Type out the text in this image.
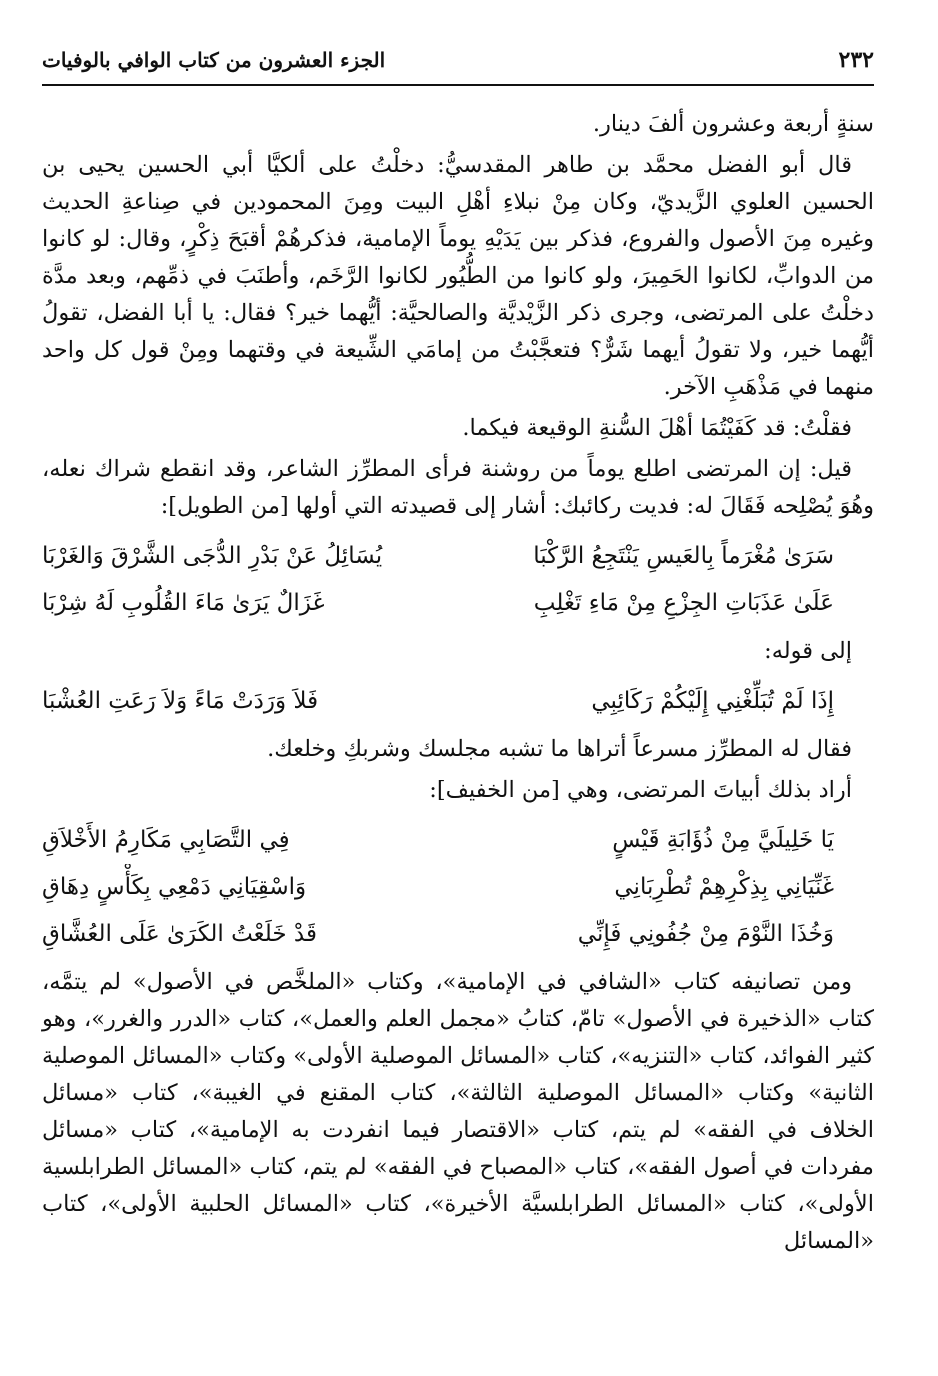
٢٣٢
الجزء العشرون من كتاب الوافي بالوفيات

سنةٍ أربعة وعشرون ألفَ دينار.

قال أبو الفضل محمَّد بن طاهر المقدسيُّ: دخلْتُ على ألكيَّا أبي الحسين يحيى بن الحسين العلوي الزَّيديّ، وكان مِنْ نبلاءِ أهْلِ البيت ومِنَ المحمودين في صِناعةِ الحديث وغيره مِنَ الأصول والفروع، فذكر بين يَدَيْهِ يوماً الإمامية، فذكرهُمْ أقبَحَ ذِكْرٍ، وقال: لو كانوا من الدوابِّ، لكانوا الحَمِيرَ، ولو كانوا من الطُّيُور لكانوا الرَّخَم، وأطنَبَ في ذمِّهم، وبعد مدَّة دخلْتُ على المرتضى، وجرى ذكر الزَّيْديَّة والصالحيَّة: أيُّهما خير؟ فقال: يا أبا الفضل، تقولُ أيُّهما خير، ولا تقولُ أيهما شَرٌّ؟ فتعجَّبْتُ من إمامَي الشِّيعة في وقتهما ومِنْ قول كل واحد منهما في مَذْهَبِ الآخر.

فقلْتُ: قد كَفَيْتُمَا أهْلَ السُّنةِ الوقيعة فيكما.

قيل: إن المرتضى اطلع يوماً من روشنة فرأى المطرِّز الشاعر، وقد انقطع شراك نعله، وهُوَ يُصْلِحه فَقَالَ له: فديت ركائبك: أشار إلى قصيدته التي أولها [من الطويل]:

سَرَىٰ مُغْرَماً بِالعَيسِ يَنْتَجِعُ الرَّكْبَا
يُسَائِلُ عَنْ بَدْرِ الدُّجَى الشَّرْقَ وَالغَرْبَا
عَلَىٰ عَذَبَاتِ الجِزْعِ مِنْ مَاءِ تَغْلِبِ
غَزَالٌ يَرَىٰ مَاءَ القُلُوبِ لَهُ شِرْبَا

إلى قوله:

إِذَا لَمْ تُبَلِّغْنِي إِلَيْكُمْ رَكَائِبِي
فَلاَ وَرَدَتْ مَاءً وَلاَ رَعَتِ العُشْبَا

فقال له المطرِّز مسرعاً أتراها ما تشبه مجلسك وشربكِ وخلعك.

أراد بذلك أبياتَ المرتضى، وهي [من الخفيف]:

يَا خَلِيلَيَّ مِنْ ذُؤَابَةِ قَيْسٍ
فِي التَّصَابِي مَكَارِمُ الأَخْلاَقِ
غَنِّيَانِي بِذِكْرِهِمْ تُطْرِبَانِي
وَاسْقِيَانِي دَمْعِي بِكَأْسٍ دِهَاقِ
وَخُذَا النَّوْمَ مِنْ جُفُونِي فَإِنِّي
قَدْ خَلَعْتُ الكَرَىٰ عَلَى العُشَّاقِ

ومن تصانيفه كتاب «الشافي في الإمامية»، وكتاب «الملخَّص في الأصول» لم يتمَّه، كتاب «الذخيرة في الأصول» تامّ، كتابُ «مجمل العلم والعمل»، كتاب «الدرر والغرر»، وهو كثير الفوائد، كتاب «التنزيه»، كتاب «المسائل الموصلية الأولى» وكتاب «المسائل الموصلية الثانية» وكتاب «المسائل الموصلية الثالثة»، كتاب المقنع في الغيبة»، كتاب «مسائل الخلاف في الفقه» لم يتم، كتاب «الاقتصار فيما انفردت به الإمامية»، كتاب «مسائل مفردات في أصول الفقه»، كتاب «المصباح في الفقه» لم يتم، كتاب «المسائل الطرابلسية الأولى»، كتاب «المسائل الطرابلسيَّة الأخيرة»، كتاب «المسائل الحلبية الأولى»، كتاب «المسائل
